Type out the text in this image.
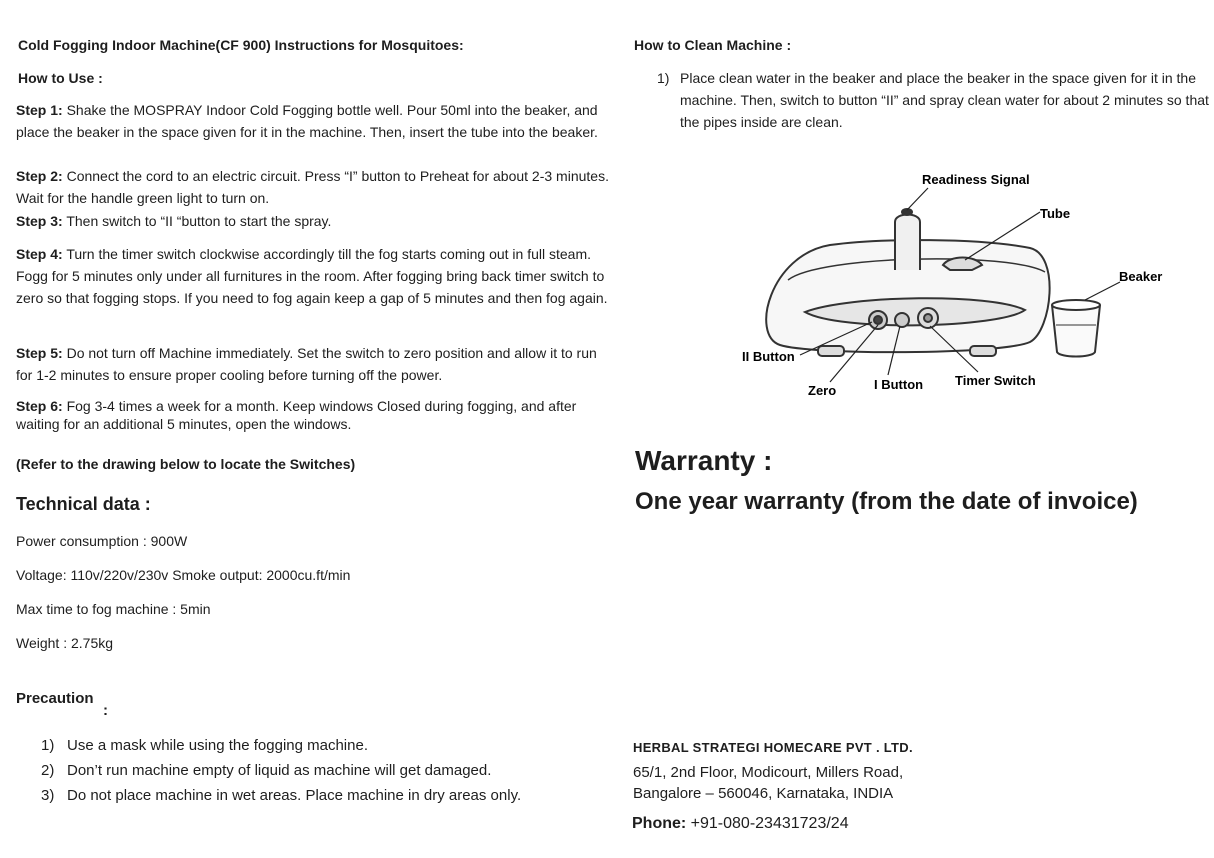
Cold Fogging Indoor Machine(CF 900) Instructions for Mosquitoes:
How to Use :
Step 1: Shake the MOSPRAY Indoor Cold Fogging bottle well. Pour 50ml into the beaker, and place the beaker in the space given for it in the machine. Then, insert the tube into the beaker.
Step 2: Connect the cord to an electric circuit. Press “I” button to Preheat for about 2-3 minutes. Wait for the handle green light to turn on.
Step 3: Then switch to “II “button to start the spray.
Step 4: Turn the timer switch clockwise accordingly till the fog starts coming out in full steam. Fogg for 5 minutes only under all furnitures in the room. After fogging bring back timer switch to zero so that fogging stops. If you need to fog again keep a gap of 5 minutes and then fog again.
Step 5: Do not turn off Machine immediately. Set the switch to zero position and allow it to run for 1-2 minutes to ensure proper cooling before turning off the power.
Step 6: Fog 3-4 times a week for a month. Keep windows Closed during fogging, and after waiting for an additional 5 minutes, open the windows.
(Refer to the drawing below to locate the Switches)
Technical data :
Power consumption : 900W
Voltage: 110v/220v/230v Smoke output: 2000cu.ft/min
Max time to fog machine : 5min
Weight : 2.75kg
Precaution
:
1) Use a mask while using the fogging machine.
2) Don’t run machine empty of liquid as machine will get damaged.
3) Do not place machine in wet areas. Place machine in dry areas only.
How to Clean Machine :
1) Place clean water in the beaker and place the beaker in the space given for it in the machine. Then, switch to button “II” and spray clean water for about 2 minutes so that the pipes inside are clean.
Readiness Signal
Tube
Beaker
II Button
Zero	I Button Timer Switch
Warranty :
One year warranty (from the date of invoice)
HERBAL STRATEGI HOMECARE PVT . LTD.
65/1, 2nd Floor, Modicourt, Millers Road,
Bangalore – 560046, Karnataka, INDIA
Phone: +91-080-23431723/24
